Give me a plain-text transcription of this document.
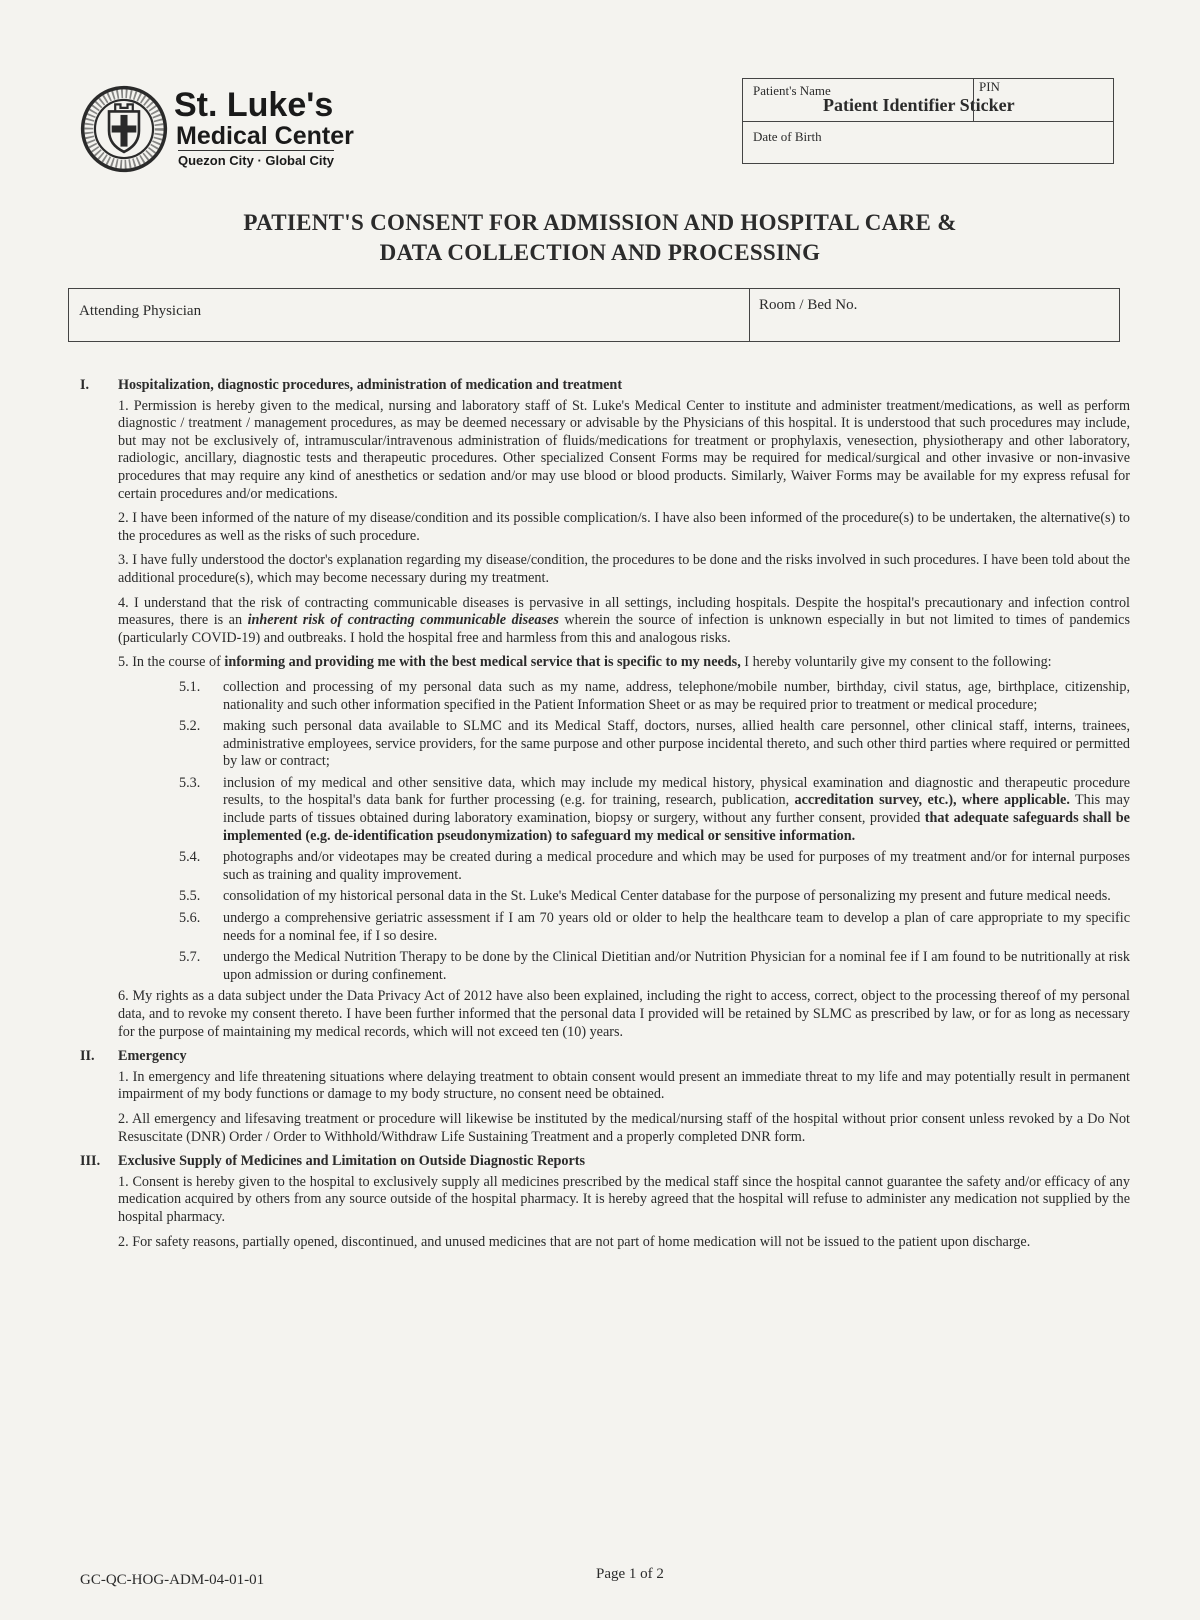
St. Luke's
Medical Center
Quezon City · Global City
Patient's Name
Patient Identifier Sticker
PIN
Date of Birth
PATIENT'S CONSENT FOR ADMISSION AND HOSPITAL CARE &
DATA COLLECTION AND PROCESSING
Attending Physician	Room / Bed No.
I. Hospitalization, diagnostic procedures, administration of medication and treatment

1. Permission is hereby given to the medical, nursing and laboratory staff of St. Luke's Medical Center to institute and administer treatment/medications, as well as perform diagnostic / treatment / management procedures, as may be deemed necessary or advisable by the Physicians of this hospital. It is understood that such procedures may include, but may not be exclusively of, intramuscular/intravenous administration of fluids/medications for treatment or prophylaxis, venesection, physiotherapy and other laboratory, radiologic, ancillary, diagnostic tests and therapeutic procedures. Other specialized Consent Forms may be required for medical/surgical and other invasive or non-invasive procedures that may require any kind of anesthetics or sedation and/or may use blood or blood products. Similarly, Waiver Forms may be available for my express refusal for certain procedures and/or medications.

2. I have been informed of the nature of my disease/condition and its possible complication/s. I have also been informed of the procedure(s) to be undertaken, the alternative(s) to the procedures as well as the risks of such procedure.

3. I have fully understood the doctor's explanation regarding my disease/condition, the procedures to be done and the risks involved in such procedures. I have been told about the additional procedure(s), which may become necessary during my treatment.

4. I understand that the risk of contracting communicable diseases is pervasive in all settings, including hospitals. Despite the hospital's precautionary and infection control measures, there is an inherent risk of contracting communicable diseases wherein the source of infection is unknown especially in but not limited to times of pandemics (particularly COVID-19) and outbreaks. I hold the hospital free and harmless from this and analogous risks.

5. In the course of informing and providing me with the best medical service that is specific to my needs, I hereby voluntarily give my consent to the following:

5.1. collection and processing of my personal data such as my name, address, telephone/mobile number, birthday, civil status, age, birthplace, citizenship, nationality and such other information specified in the Patient Information Sheet or as may be required prior to treatment or medical procedure;

5.2. making such personal data available to SLMC and its Medical Staff, doctors, nurses, allied health care personnel, other clinical staff, interns, trainees, administrative employees, service providers, for the same purpose and other purpose incidental thereto, and such other third parties where required or permitted by law or contract;

5.3. inclusion of my medical and other sensitive data, which may include my medical history, physical examination and diagnostic and therapeutic procedure results, to the hospital's data bank for further processing (e.g. for training, research, publication, accreditation survey, etc.), where applicable. This may include parts of tissues obtained during laboratory examination, biopsy or surgery, without any further consent, provided that adequate safeguards shall be implemented (e.g. de-identification pseudonymization) to safeguard my medical or sensitive information.

5.4. photographs and/or videotapes may be created during a medical procedure and which may be used for purposes of my treatment and/or for internal purposes such as training and quality improvement.

5.5. consolidation of my historical personal data in the St. Luke's Medical Center database for the purpose of personalizing my present and future medical needs.

5.6. undergo a comprehensive geriatric assessment if I am 70 years old or older to help the healthcare team to develop a plan of care appropriate to my specific needs for a nominal fee, if I so desire.

5.7. undergo the Medical Nutrition Therapy to be done by the Clinical Dietitian and/or Nutrition Physician for a nominal fee if I am found to be nutritionally at risk upon admission or during confinement.

6. My rights as a data subject under the Data Privacy Act of 2012 have also been explained, including the right to access, correct, object to the processing thereof of my personal data, and to revoke my consent thereto. I have been further informed that the personal data I provided will be retained by SLMC as prescribed by law, or for as long as necessary for the purpose of maintaining my medical records, which will not exceed ten (10) years.

II. Emergency

1. In emergency and life threatening situations where delaying treatment to obtain consent would present an immediate threat to my life and may potentially result in permanent impairment of my body functions or damage to my body structure, no consent need be obtained.

2. All emergency and lifesaving treatment or procedure will likewise be instituted by the medical/nursing staff of the hospital without prior consent unless revoked by a Do Not Resuscitate (DNR) Order / Order to Withhold/Withdraw Life Sustaining Treatment and a properly completed DNR form.

III. Exclusive Supply of Medicines and Limitation on Outside Diagnostic Reports

1. Consent is hereby given to the hospital to exclusively supply all medicines prescribed by the medical staff since the hospital cannot guarantee the safety and/or efficacy of any medication acquired by others from any source outside of the hospital pharmacy. It is hereby agreed that the hospital will refuse to administer any medication not supplied by the hospital pharmacy.

2. For safety reasons, partially opened, discontinued, and unused medicines that are not part of home medication will not be issued to the patient upon discharge.

GC-QC-HOG-ADM-04-01-01	Page 1 of 2
